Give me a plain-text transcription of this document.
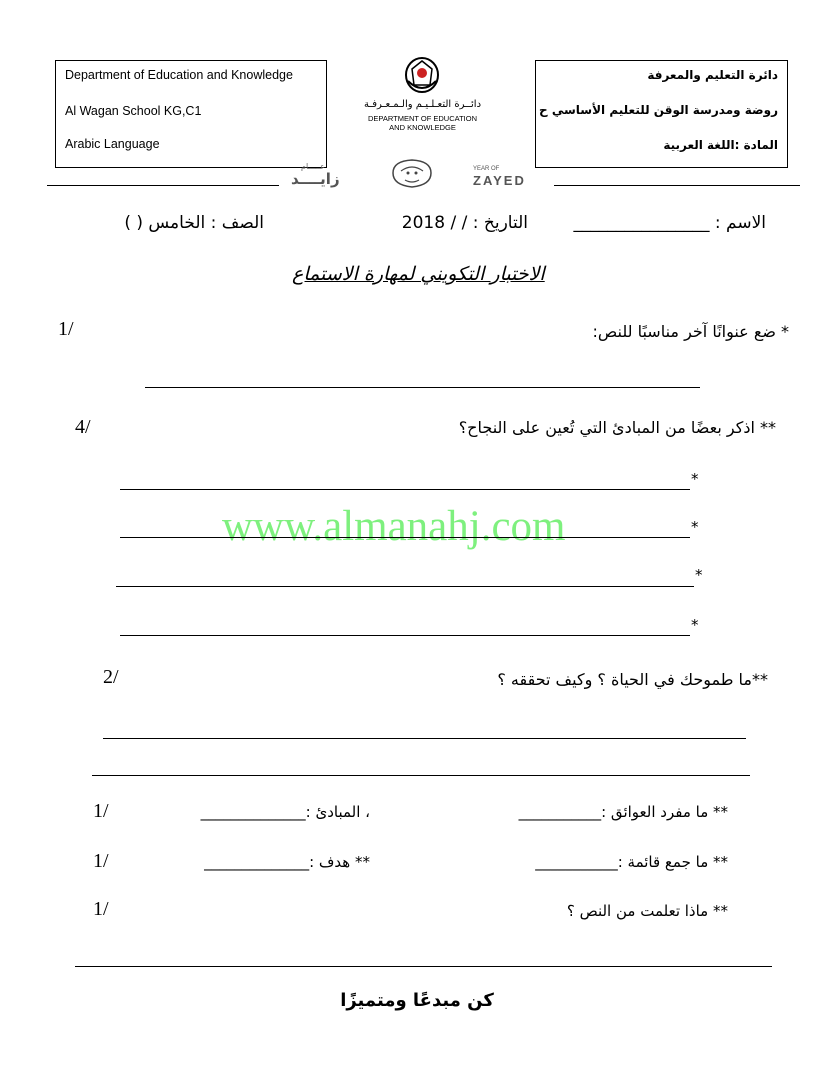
Department of Education and Knowledge
Al Wagan School KG,C1
Arabic Language
دائرة التعليم والمعرفة
روضة ومدرسة الوقن للتعليم الأساسي ح
المادة :اللغة العربية
دائــرة التعـلـيـم والـمـعـرفـة
DEPARTMENT OF EDUCATION
AND KNOWLEDGE
عـــــام
زايــــد
YEAR OF
ZAYED
الاسم : ________________
التاريخ : / / 2018
الصف : الخامس ( )
الاختبار التكويني لمهارة الاستماع
www.almanahj.com
* ضع عنوانًا آخر مناسبًا للنص:
1/
** اذكر بعضًا من المبادئ التي تُعين على النجاح؟
4/
*
*
*
*
**ما طموحك في الحياة ؟ وكيف تحققه ؟
2/
** ما مفرد العوائق :___________
، المبادئ :______________
1/
** ما جمع قائمة :___________
** هدف :______________
1/
** ماذا تعلمت من النص ؟
1/
كن مبدعًا ومتميزًا
